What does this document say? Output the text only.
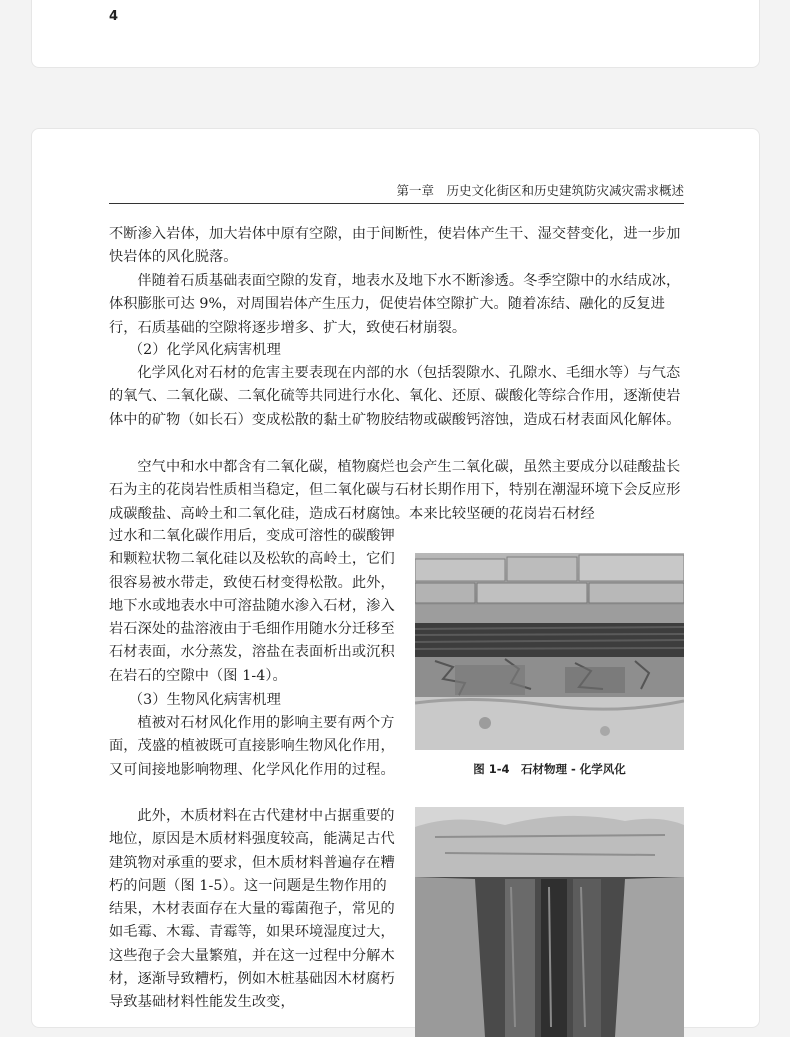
4
第一章　历史文化街区和历史建筑防灾减灾需求概述

不断渗入岩体，加大岩体中原有空隙，由于间断性，使岩体产生干、湿交替变化，进一步加快岩体的风化脱落。

伴随着石质基础表面空隙的发育，地表水及地下水不断渗透。冬季空隙中的水结成冰，体积膨胀可达 9%，对周围岩体产生压力，促使岩体空隙扩大。随着冻结、融化的反复进行，石质基础的空隙将逐步增多、扩大，致使石材崩裂。

（2）化学风化病害机理

化学风化对石材的危害主要表现在内部的水（包括裂隙水、孔隙水、毛细水等）与气态的氧气、二氧化碳、二氧化硫等共同进行水化、氧化、还原、碳酸化等综合作用，逐渐使岩体中的矿物（如长石）变成松散的黏土矿物胶结物或碳酸钙溶蚀，造成石材表面风化解体。

空气中和水中都含有二氧化碳，植物腐烂也会产生二氧化碳，虽然主要成分以硅酸盐长石为主的花岗岩性质相当稳定，但二氧化碳与石材长期作用下，特别在潮湿环境下会反应形成碳酸盐、高岭土和二氧化硅，造成石材腐蚀。本来比较坚硬的花岗岩石材经

过水和二氧化碳作用后，变成可溶性的碳酸钾和颗粒状物二氧化硅以及松软的高岭土，它们很容易被水带走，致使石材变得松散。此外，地下水或地表水中可溶盐随水渗入石材，渗入岩石深处的盐溶液由于毛细作用随水分迁移至石材表面，水分蒸发，溶盐在表面析出或沉积在岩石的空隙中（图 1-4）。

（3）生物风化病害机理

植被对石材风化作用的影响主要有两个方面，茂盛的植被既可直接影响生物风化作用，又可间接地影响物理、化学风化作用的过程。

此外，木质材料在古代建材中占据重要的地位，原因是木质材料强度较高，能满足古代建筑物对承重的要求，但木质材料普遍存在糟朽的问题（图 1-5）。这一问题是生物作用的结果，木材表面存在大量的霉菌孢子，常见的如毛霉、木霉、青霉等，如果环境湿度过大，这些孢子会大量繁殖，并在这一过程中分解木材，逐渐导致糟朽，例如木桩基础因木材腐朽导致基础材料性能发生改变，

图 1-4　石材物理 - 化学风化
